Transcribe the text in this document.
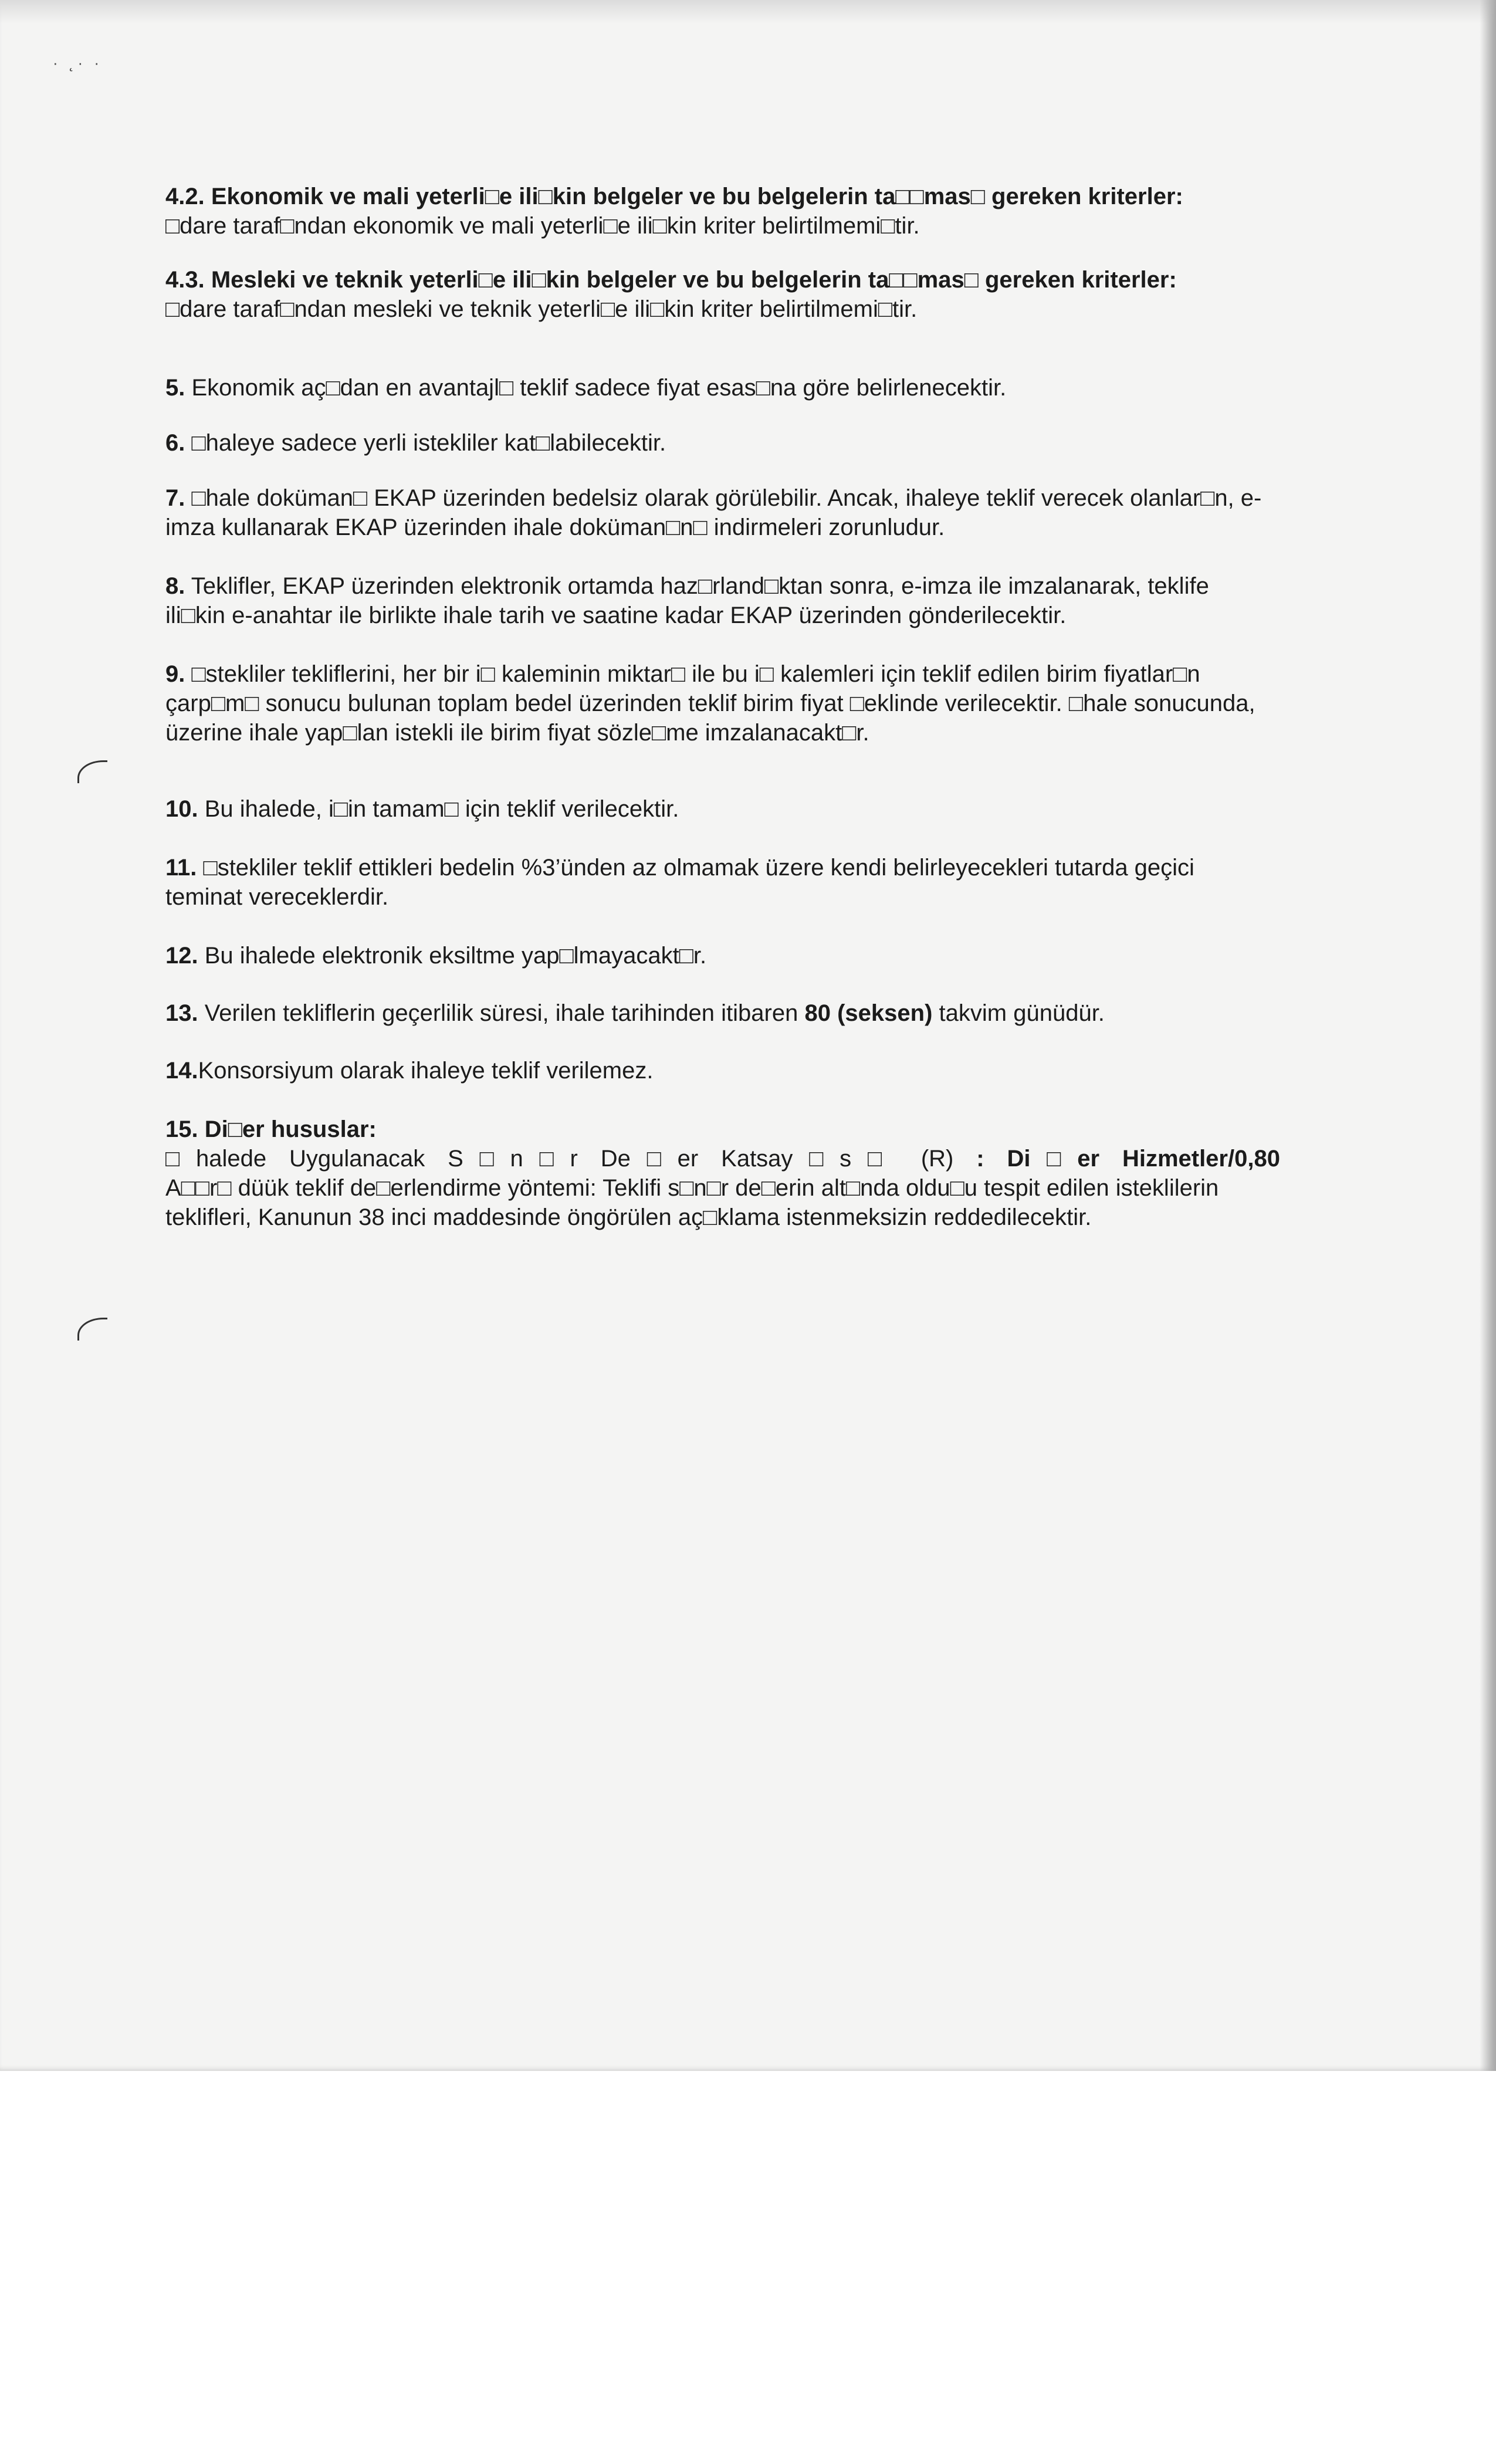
· ˛· ·
4.2. Ekonomik ve mali yeterli□e ili□kin belgeler ve bu belgelerin ta□□mas□ gereken kriterler:
□dare taraf□ndan ekonomik ve mali yeterli□e ili□kin kriter belirtilmemi□tir.
4.3. Mesleki ve teknik yeterli□e ili□kin belgeler ve bu belgelerin ta□□mas□ gereken kriterler:
□dare taraf□ndan mesleki ve teknik yeterli□e ili□kin kriter belirtilmemi□tir.
5. Ekonomik aç□dan en avantajl□ teklif sadece fiyat esas□na göre belirlenecektir.
6. □haleye sadece yerli istekliler kat□labilecektir.
7. □hale doküman□ EKAP üzerinden bedelsiz olarak görülebilir. Ancak, ihaleye teklif verecek olanlar□n, e-imza kullanarak EKAP üzerinden ihale doküman□n□ indirmeleri zorunludur.
8. Teklifler, EKAP üzerinden elektronik ortamda haz□rland□ktan sonra, e-imza ile imzalanarak, teklife ili□kin e-anahtar ile birlikte ihale tarih ve saatine kadar EKAP üzerinden gönderilecektir.
9. □stekliler tekliflerini, her bir i□ kaleminin miktar□ ile bu i□ kalemleri için teklif edilen birim fiyatlar□n çarp□m□ sonucu bulunan toplam bedel üzerinden teklif birim fiyat □eklinde verilecektir. □hale sonucunda, üzerine ihale yap□lan istekli ile birim fiyat sözle□me imzalanacakt□r.
10. Bu ihalede, i□in tamam□ için teklif verilecektir.
11. □stekliler teklif ettikleri bedelin %3’ünden az olmamak üzere kendi belirleyecekleri tutarda geçici teminat vereceklerdir.
12. Bu ihalede elektronik eksiltme yap□lmayacakt□r.
13. Verilen tekliflerin geçerlilik süresi, ihale tarihinden itibaren 80 (seksen) takvim günüdür.
14.Konsorsiyum olarak ihaleye teklif verilemez.
15. Di□er hususlar:
□halede Uygulanacak S□n□r De□er Katsay□s□ (R) : Di□er Hizmetler/0,80
A□□r□ düük teklif de□erlendirme yöntemi: Teklifi s□n□r de□erin alt□nda oldu□u tespit edilen isteklilerin teklifleri, Kanunun 38 inci maddesinde öngörülen aç□klama istenmeksizin reddedilecektir.
